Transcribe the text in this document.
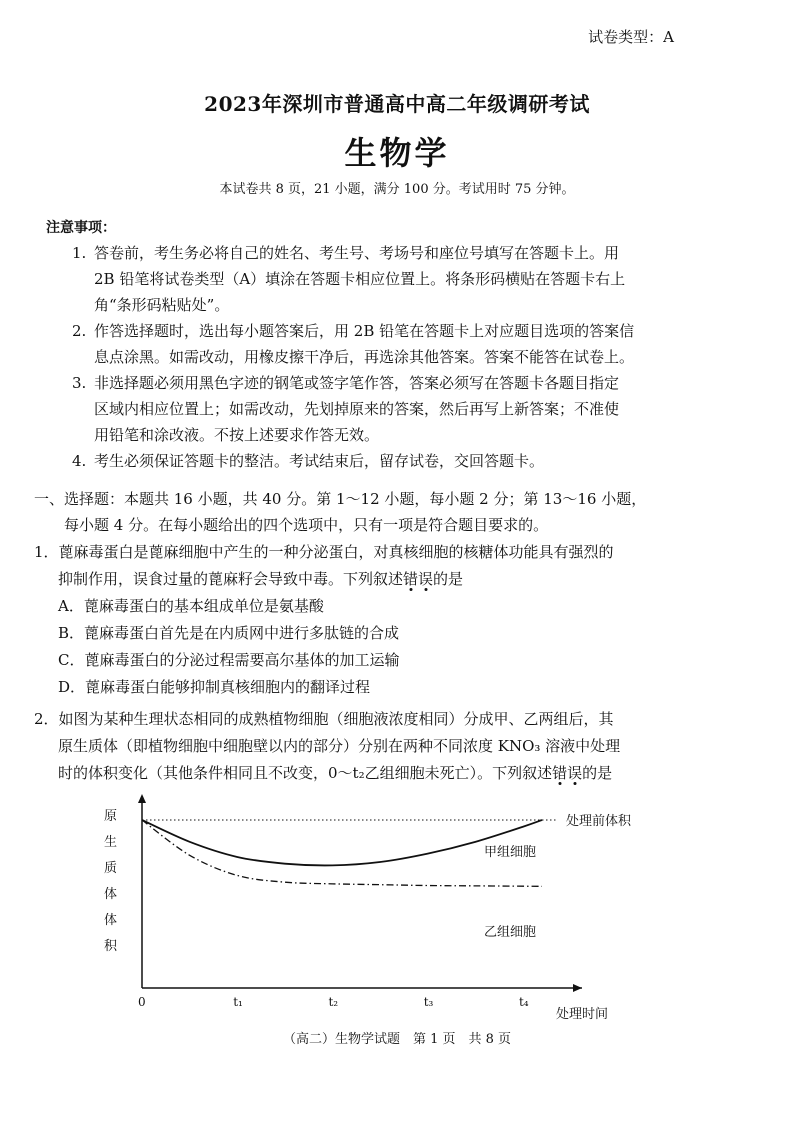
试卷类型：A
2023年深圳市普通高中高二年级调研考试
生物学
本试卷共 8 页，21 小题，满分 100 分。考试用时 75 分钟。
注意事项：
1. 答卷前，考生务必将自己的姓名、考生号、考场号和座位号填写在答题卡上。用
2B 铅笔将试卷类型（A）填涂在答题卡相应位置上。将条形码横贴在答题卡右上
角“条形码粘贴处”。
2. 作答选择题时，选出每小题答案后，用 2B 铅笔在答题卡上对应题目选项的答案信
息点涂黑。如需改动，用橡皮擦干净后，再选涂其他答案。答案不能答在试卷上。
3. 非选择题必须用黑色字迹的钢笔或签字笔作答，答案必须写在答题卡各题目指定
区域内相应位置上；如需改动，先划掉原来的答案，然后再写上新答案；不准使
用铅笔和涂改液。不按上述要求作答无效。
4. 考生必须保证答题卡的整洁。考试结束后，留存试卷，交回答题卡。
一、选择题：本题共 16 小题，共 40 分。第 1～12 小题，每小题 2 分；第 13～16 小题，
每小题 4 分。在每小题给出的四个选项中，只有一项是符合题目要求的。

1．蓖麻毒蛋白是蓖麻细胞中产生的一种分泌蛋白，对真核细胞的核糖体功能具有强烈的

抑制作用，误食过量的蓖麻籽会导致中毒。下列叙述错误的是

A．蓖麻毒蛋白的基本组成单位是氨基酸

B．蓖麻毒蛋白首先是在内质网中进行多肽链的合成

C．蓖麻毒蛋白的分泌过程需要高尔基体的加工运输

D．蓖麻毒蛋白能够抑制真核细胞内的翻译过程

2．如图为某种生理状态相同的成熟植物细胞（细胞液浓度相同）分成甲、乙两组后，其

原生质体（即植物细胞中细胞壁以内的部分）分别在两种不同浓度 KNO₃ 溶液中处理

时的体积变化（其他条件相同且不改变，0～t₂乙组细胞未死亡）。下列叙述错误的是

处理前体积
原
生
质
体
体
积
0	t₁	t₂	t₃	t₄
处理时间
甲组细胞
乙组细胞
（高二）生物学试题　第 1 页　共 8 页
